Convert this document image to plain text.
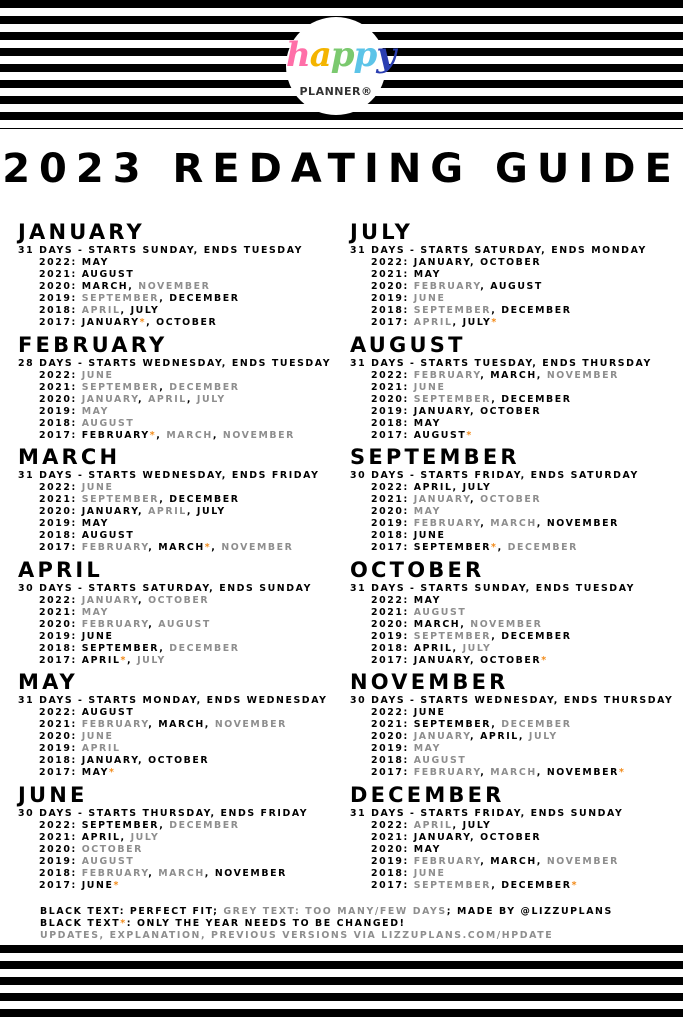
happy
PLANNER®
2023 REDATING GUIDE
JANUARY
31 DAYS - STARTS SUNDAY, ENDS TUESDAY
2022: MAY
2021: AUGUST
2020: MARCH, NOVEMBER
2019: SEPTEMBER, DECEMBER
2018: APRIL, JULY
2017: JANUARY*, OCTOBER
FEBRUARY
28 DAYS - STARTS WEDNESDAY, ENDS TUESDAY
2022: JUNE
2021: SEPTEMBER, DECEMBER
2020: JANUARY, APRIL, JULY
2019: MAY
2018: AUGUST
2017: FEBRUARY*, MARCH, NOVEMBER
MARCH
31 DAYS - STARTS WEDNESDAY, ENDS FRIDAY
2022: JUNE
2021: SEPTEMBER, DECEMBER
2020: JANUARY, APRIL, JULY
2019: MAY
2018: AUGUST
2017: FEBRUARY, MARCH*, NOVEMBER
APRIL
30 DAYS - STARTS SATURDAY, ENDS SUNDAY
2022: JANUARY, OCTOBER
2021: MAY
2020: FEBRUARY, AUGUST
2019: JUNE
2018: SEPTEMBER, DECEMBER
2017: APRIL*, JULY
MAY
31 DAYS - STARTS MONDAY, ENDS WEDNESDAY
2022: AUGUST
2021: FEBRUARY, MARCH, NOVEMBER
2020: JUNE
2019: APRIL
2018: JANUARY, OCTOBER
2017: MAY*
JUNE
30 DAYS - STARTS THURSDAY, ENDS FRIDAY
2022: SEPTEMBER, DECEMBER
2021: APRIL, JULY
2020: OCTOBER
2019: AUGUST
2018: FEBRUARY, MARCH, NOVEMBER
2017: JUNE*
JULY
31 DAYS - STARTS SATURDAY, ENDS MONDAY
2022: JANUARY, OCTOBER
2021: MAY
2020: FEBRUARY, AUGUST
2019: JUNE
2018: SEPTEMBER, DECEMBER
2017: APRIL, JULY*
AUGUST
31 DAYS - STARTS TUESDAY, ENDS THURSDAY
2022: FEBRUARY, MARCH, NOVEMBER
2021: JUNE
2020: SEPTEMBER, DECEMBER
2019: JANUARY, OCTOBER
2018: MAY
2017: AUGUST*
SEPTEMBER
30 DAYS - STARTS FRIDAY, ENDS SATURDAY
2022: APRIL, JULY
2021: JANUARY, OCTOBER
2020: MAY
2019: FEBRUARY, MARCH, NOVEMBER
2018: JUNE
2017: SEPTEMBER*, DECEMBER
OCTOBER
31 DAYS - STARTS SUNDAY, ENDS TUESDAY
2022: MAY
2021: AUGUST
2020: MARCH, NOVEMBER
2019: SEPTEMBER, DECEMBER
2018: APRIL, JULY
2017: JANUARY, OCTOBER*
NOVEMBER
30 DAYS - STARTS WEDNESDAY, ENDS THURSDAY
2022: JUNE
2021: SEPTEMBER, DECEMBER
2020: JANUARY, APRIL, JULY
2019: MAY
2018: AUGUST
2017: FEBRUARY, MARCH, NOVEMBER*
DECEMBER
31 DAYS - STARTS FRIDAY, ENDS SUNDAY
2022: APRIL, JULY
2021: JANUARY, OCTOBER
2020: MAY
2019: FEBRUARY, MARCH, NOVEMBER
2018: JUNE
2017: SEPTEMBER, DECEMBER*
BLACK TEXT: PERFECT FIT; GREY TEXT: TOO MANY/FEW DAYS; MADE BY @LIZZUPLANS
BLACK TEXT*: ONLY THE YEAR NEEDS TO BE CHANGED!
UPDATES, EXPLANATION, PREVIOUS VERSIONS VIA LIZZUPLANS.COM/HPDATE
